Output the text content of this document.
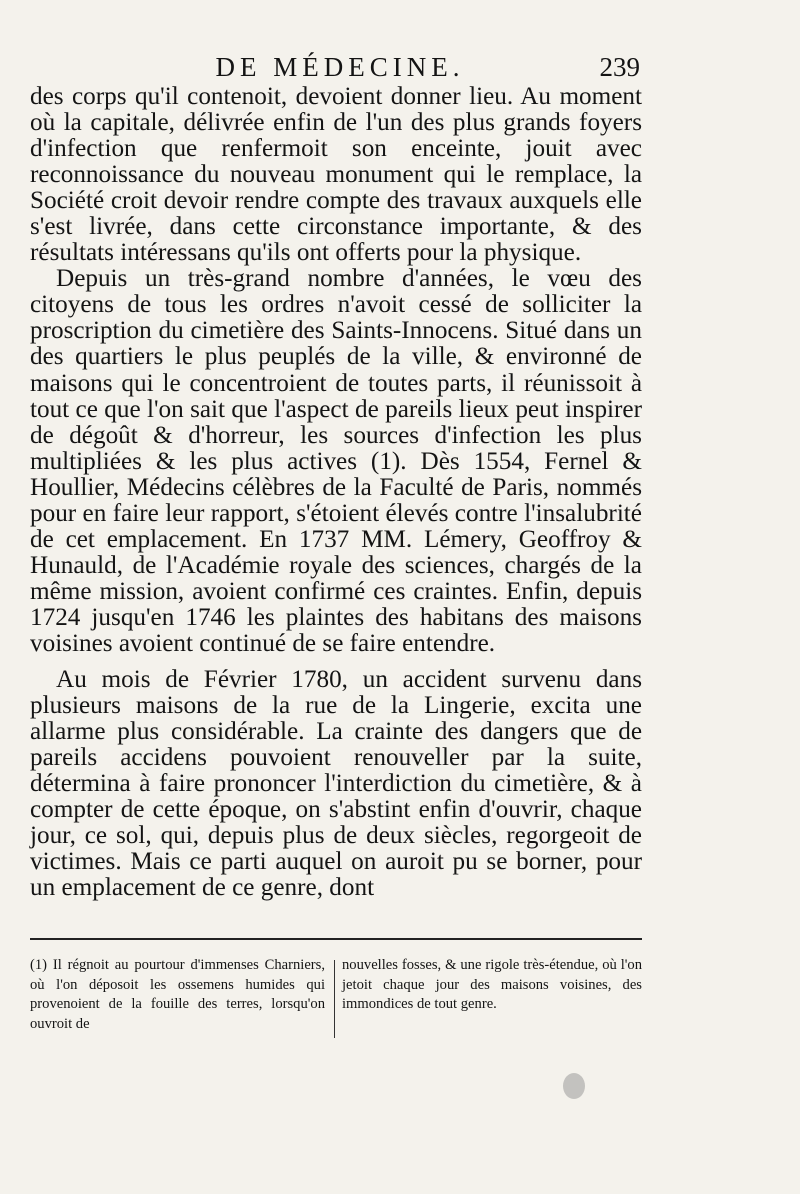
DE MÉDECINE.	239

des corps qu'il contenoit, devoient donner lieu. Au moment où la capitale, délivrée enfin de l'un des plus grands foyers d'infection que renfermoit son enceinte, jouit avec reconnoissance du nouveau monument qui le remplace, la Société croit devoir rendre compte des travaux auxquels elle s'est livrée, dans cette circonstance importante, & des résultats intéressans qu'ils ont offerts pour la physique.

Depuis un très-grand nombre d'années, le vœu des citoyens de tous les ordres n'avoit cessé de solliciter la proscription du cimetière des Saints-Innocens. Situé dans un des quartiers le plus peuplés de la ville, & environné de maisons qui le concentroient de toutes parts, il réunissoit à tout ce que l'on sait que l'aspect de pareils lieux peut inspirer de dégoût & d'horreur, les sources d'infection les plus multipliées & les plus actives (1). Dès 1554, Fernel & Houllier, Médecins célèbres de la Faculté de Paris, nommés pour en faire leur rapport, s'étoient élevés contre l'insalubrité de cet emplacement. En 1737 MM. Lémery, Geoffroy & Hunauld, de l'Académie royale des sciences, chargés de la même mission, avoient confirmé ces craintes. Enfin, depuis 1724 jusqu'en 1746 les plaintes des habitans des maisons voisines avoient continué de se faire entendre.

Au mois de Février 1780, un accident survenu dans plusieurs maisons de la rue de la Lingerie, excita une allarme plus considérable. La crainte des dangers que de pareils accidens pouvoient renouveller par la suite, détermina à faire prononcer l'interdiction du cimetière, & à compter de cette époque, on s'abstint enfin d'ouvrir, chaque jour, ce sol, qui, depuis plus de deux siècles, regorgeoit de victimes. Mais ce parti auquel on auroit pu se borner, pour un emplacement de ce genre, dont

(1) Il régnoit au pourtour d'immenses Charniers, où l'on déposoit les ossemens humides qui provenoient de la fouille des terres, lorsqu'on ouvroit de
nouvelles fosses, & une rigole très-étendue, où l'on jetoit chaque jour des maisons voisines, des immondices de tout genre.
